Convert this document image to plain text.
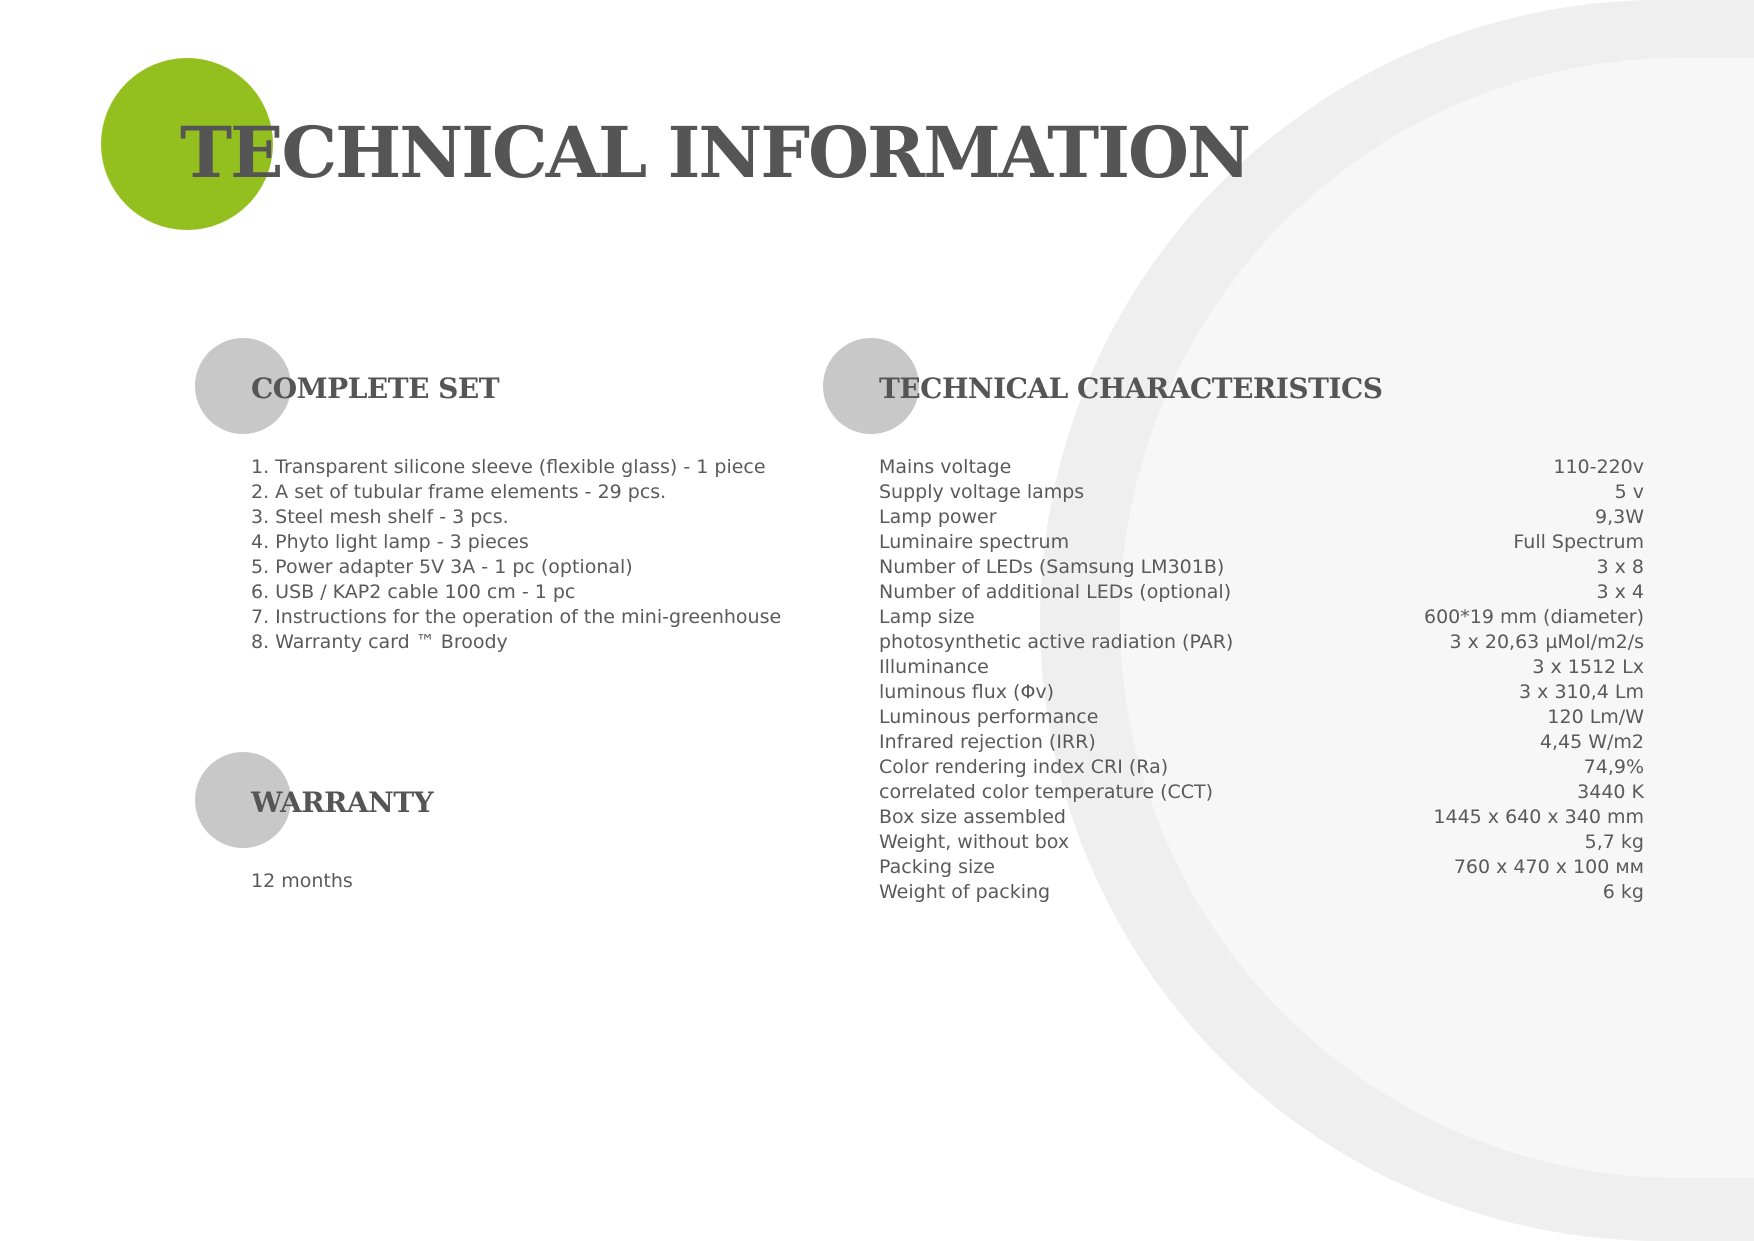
TECHNICAL INFORMATION
COMPLETE SET
1. Transparent silicone sleeve (flexible glass) - 1 piece
2. A set of tubular frame elements - 29 pcs.
3. Steel mesh shelf - 3 pcs.
4. Phyto light lamp - 3 pieces
5. Power adapter 5V 3A - 1 pc (optional)
6. USB / KAP2 cable 100 cm - 1 pc
7. Instructions for the operation of the mini-greenhouse
8. Warranty card ™ Broody
WARRANTY
12 months
TECHNICAL CHARACTERISTICS
Mains voltage	110-220v
Supply voltage lamps	5 v
Lamp power	9,3W
Luminaire spectrum	Full Spectrum
Number of LEDs (Samsung LM301B)	3 x 8
Number of additional LEDs (optional)	3 x 4
Lamp size	600*19 mm (diameter)
photosynthetic active radiation (PAR)	3 x 20,63 µMol/m2/s
Illuminance	3 x 1512 Lx
luminous flux (Φv)	3 x 310,4 Lm
Luminous performance	120 Lm/W
Infrared rejection (IRR)	4,45 W/m2
Color rendering index CRI (Ra)	74,9%
correlated color temperature (CCT)	3440 K
Box size assembled	1445 x 640 x 340 mm
Weight, without box	5,7 kg
Packing size	760 x 470 x 100 мм
Weight of packing	6 kg
